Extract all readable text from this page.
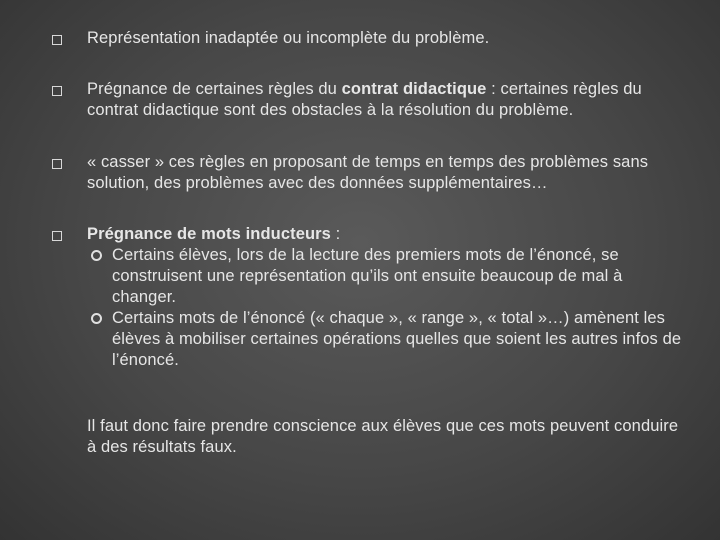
Représentation inadaptée ou incomplète du problème.
Prégnance de certaines règles du contrat didactique : certaines règles du contrat didactique sont des obstacles à la résolution du problème.
« casser » ces règles en proposant de temps en temps des problèmes sans solution, des problèmes avec des données supplémentaires…
Prégnance de mots inducteurs :
Certains élèves, lors de la lecture des premiers mots de l’énoncé, se construisent une représentation qu’ils ont ensuite beaucoup de mal à changer.
Certains mots de l’énoncé (« chaque », « range », « total »…) amènent les élèves à mobiliser certaines opérations quelles que soient les autres infos de l’énoncé.
Il faut donc faire prendre conscience aux élèves que ces mots peuvent conduire à des résultats faux.
